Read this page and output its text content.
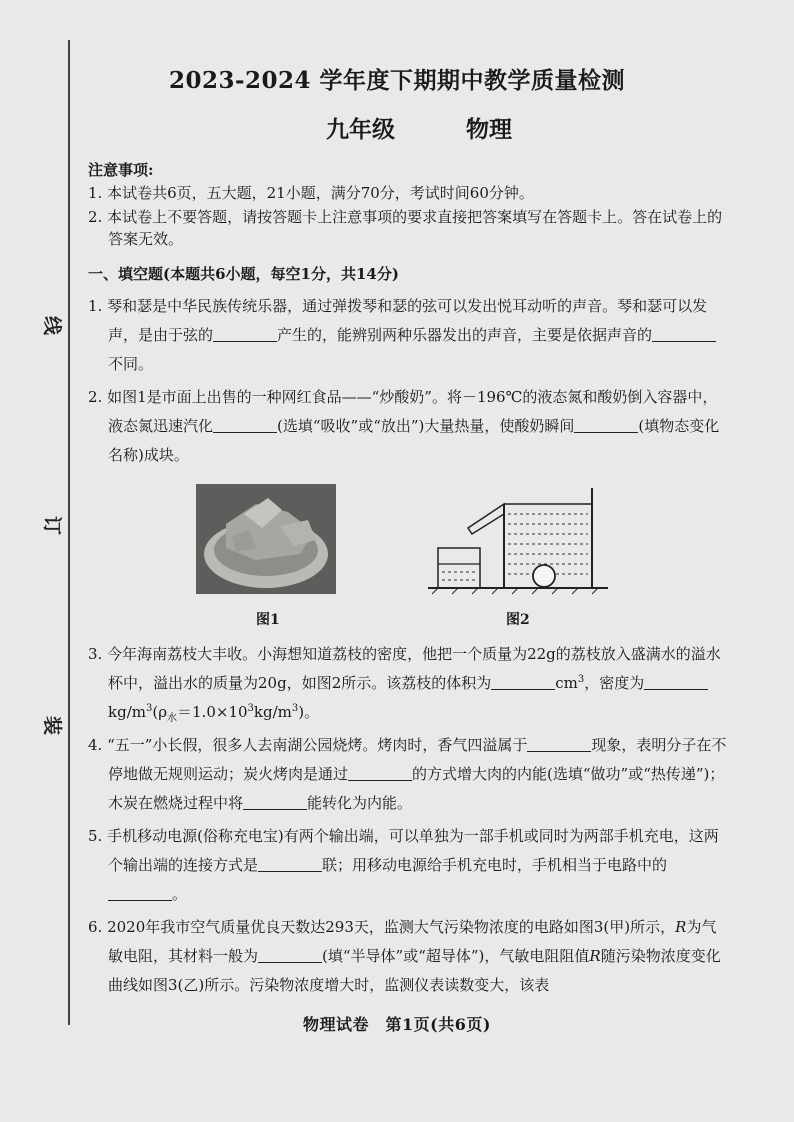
线
订
装
2023-2024 学年度下期期中教学质量检测
九年级	物理
注意事项:

1. 本试卷共6页，五大题，21小题，满分70分，考试时间60分钟。

2. 本试卷上不要答题，请按答题卡上注意事项的要求直接把答案填写在答题卡上。答在试卷上的答案无效。

一、填空题(本题共6小题，每空1分，共14分)

1. 琴和瑟是中华民族传统乐器，通过弹拨琴和瑟的弦可以发出悦耳动听的声音。琴和瑟可以发声，是由于弦的	产生的，能辨别两种乐器发出的声音，主要是依据声音的不同。

2. 如图1是市面上出售的一种网红食品——“炒酸奶”。将－196℃的液态氮和酸奶倒入容器中，液态氮迅速汽化	(选填“吸收”或“放出”)大量热量，使酸奶瞬间	(填物态变化名称)成块。

图1	图2

3. 今年海南荔枝大丰收。小海想知道荔枝的密度，他把一个质量为22g的荔枝放入盛满水的溢水杯中，溢出水的质量为20g，如图2所示。该荔枝的体积为	$cm^3$，密度为$kg/m^3(\rho_水=1.0\times 10^3kg/m^3)$。

4. “五一”小长假，很多人去南湖公园烧烤。烤肉时，香气四溢属于	现象，表明分子在不停地做无规则运动；炭火烤肉是通过	的方式增大肉的内能(选填“做功”或“热传递”)；木炭在燃烧过程中将	能转化为内能。

5. 手机移动电源(俗称充电宝)有两个输出端，可以单独为一部手机或同时为两部手机充电，这两个输出端的连接方式是	联；用移动电源给手机充电时，手机相当于电路中的。

6. 2020年我市空气质量优良天数达293天，监测大气污染物浓度的电路如图3(甲)所示，R为气敏电阻，其材料一般为	(填“半导体”或“超导体”)，气敏电阻阻值R随污染物浓度变化曲线如图3(乙)所示。污染物浓度增大时，监测仪表读数变大，该表

物理试卷　第1页(共6页)
